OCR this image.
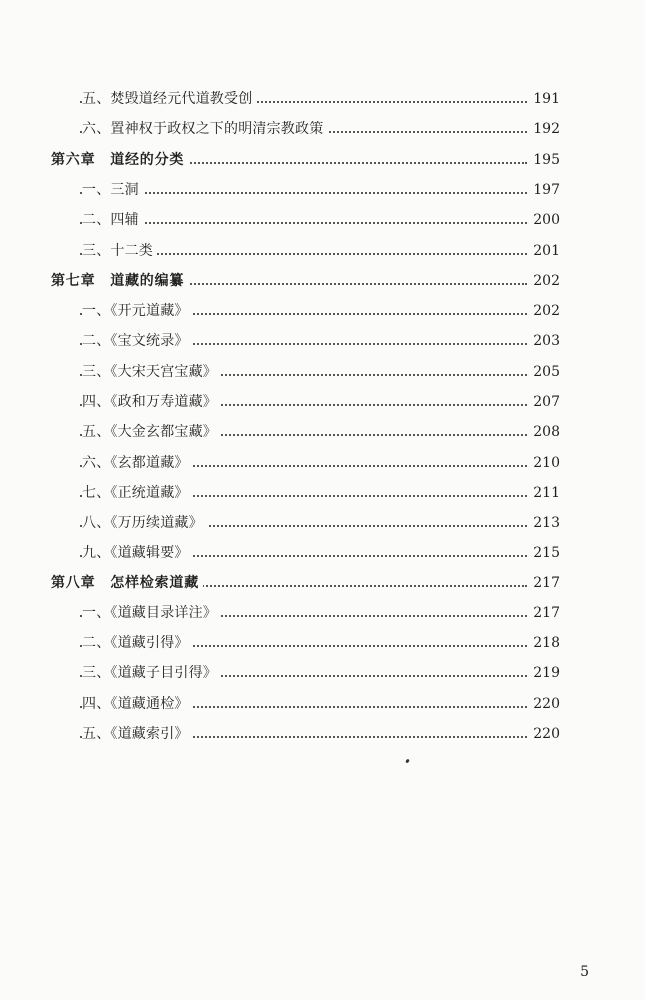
五、焚毁道经元代道教受创	191
六、置神权于政权之下的明清宗教政策	192
第六章　道经的分类	195
一、三洞	197
二、四辅	200
三、十二类	201
第七章　道藏的编纂	202
一、《开元道藏》	202
二、《宝文统录》	203
三、《大宋天宫宝藏》	205
四、《政和万寿道藏》	207
五、《大金玄都宝藏》	208
六、《玄都道藏》	210
七、《正统道藏》	211
八、《万历续道藏》	213
九、《道藏辑要》	215
第八章　怎样检索道藏	217
一、《道藏目录详注》	217
二、《道藏引得》	218
三、《道藏子目引得》	219
四、《道藏通检》	220
五、《道藏索引》	220
5
